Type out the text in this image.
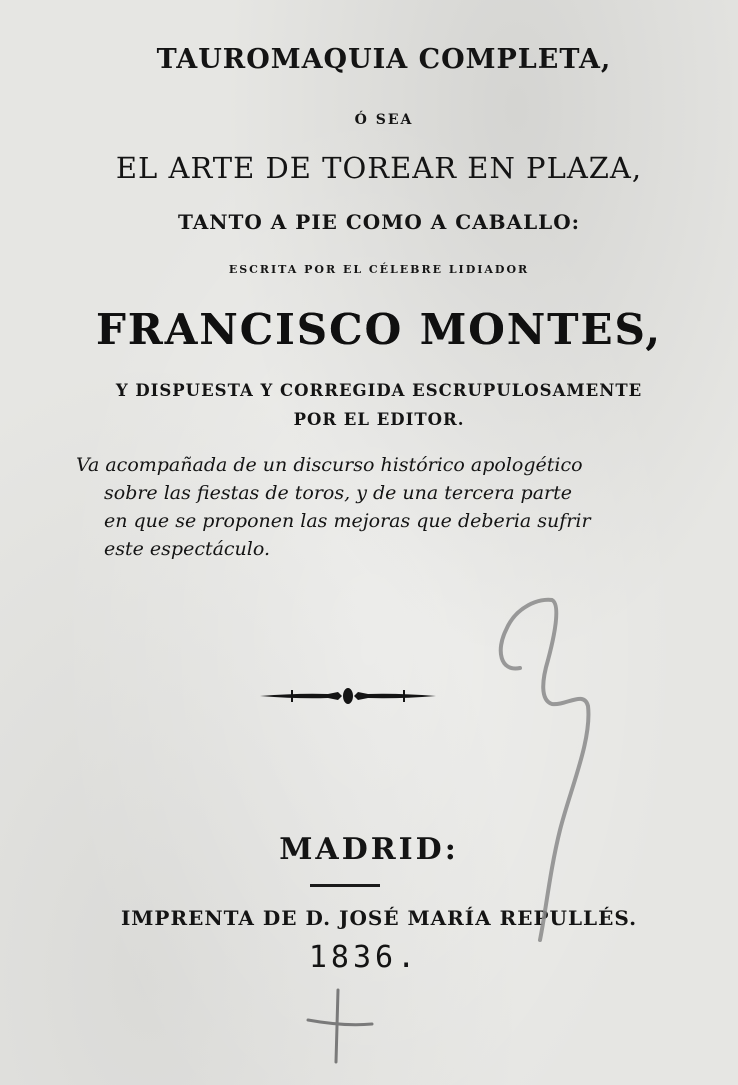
TAUROMAQUIA COMPLETA,

Ó SEA

EL ARTE DE TOREAR EN PLAZA,

TANTO A PIE COMO A CABALLO:

ESCRITA POR EL CÉLEBRE LIDIADOR

FRANCISCO MONTES,

Y DISPUESTA Y CORREGIDA ESCRUPULOSAMENTE

POR EL EDITOR.

Va acompañada de un discurso histórico apologético

sobre las fiestas de toros, y de una tercera parte

en que se proponen las mejoras que deberia sufrir

este espectáculo.

MADRID:

IMPRENTA DE D. JOSÉ MARÍA REPULLÉS.

1836.
